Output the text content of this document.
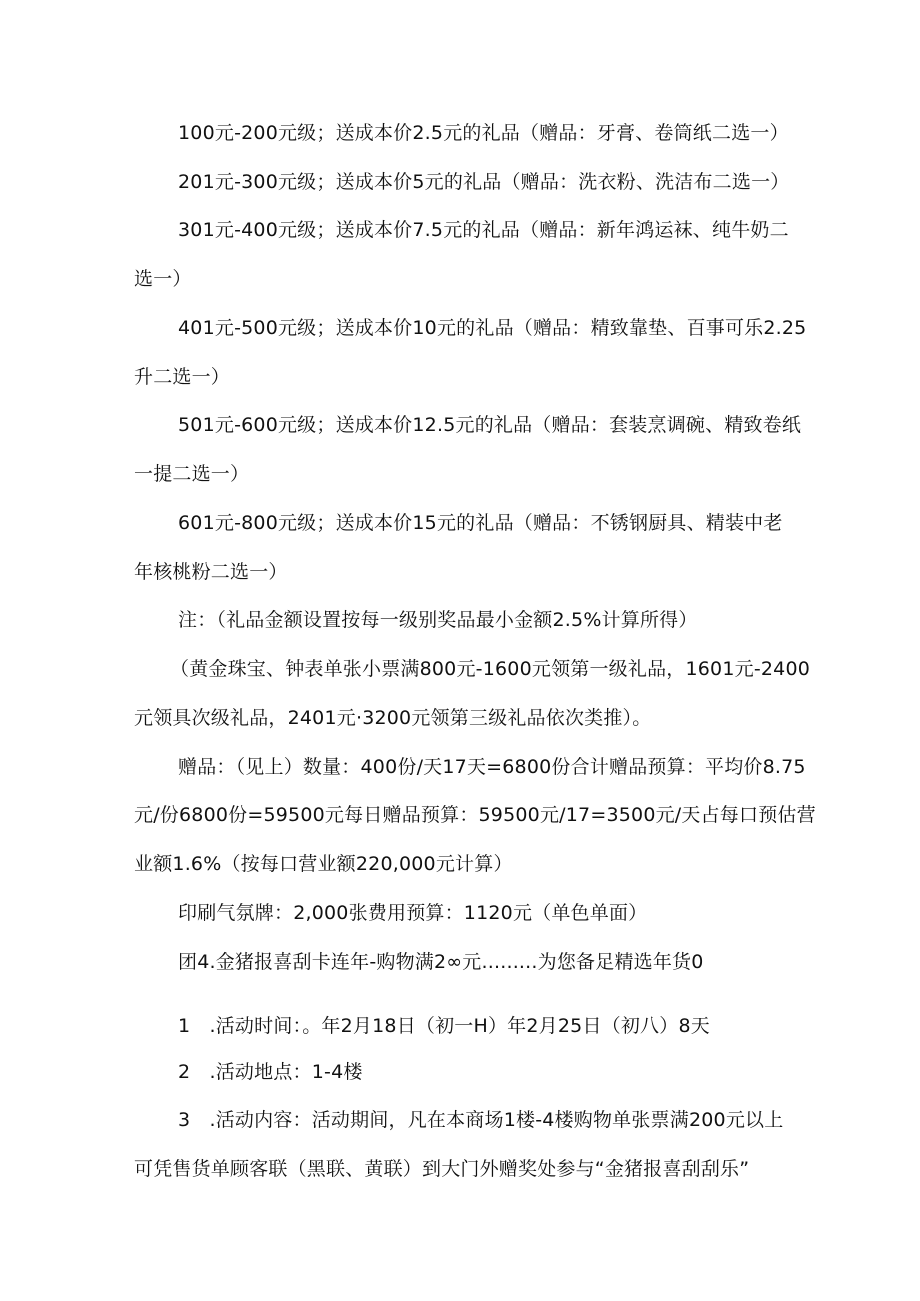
100元-200元级；送成本价2.5元的礼品（赠品：牙膏、卷筒纸二选一）
201元-300元级；送成本价5元的礼品（赠品：洗衣粉、洗洁布二选一）
301元-400元级；送成本价7.5元的礼品（赠品：新年鸿运袜、纯牛奶二
选一）
401元-500元级；送成本价10元的礼品（赠品：精致靠垫、百事可乐2.25
升二选一）
501元-600元级；送成本价12.5元的礼品（赠品：套装烹调碗、精致卷纸
一提二选一）
601元-800元级；送成本价15元的礼品（赠品：不锈钢厨具、精装中老
年核桃粉二选一）
注：（礼品金额设置按每一级别奖品最小金额2.5%计算所得）
（黄金珠宝、钟表单张小票满800元-1600元领第一级礼品，1601元-2400
元领具次级礼品，2401元·3200元领第三级礼品依次类推）。
赠品：（见上）数量：400份/天17天=6800份合计赠品预算：平均价8.75
元/份6800份=59500元每日赠品预算：59500元/17=3500元/天占每口预估营
业额1.6%（按每口营业额220,000元计算）
印刷气氛牌：2,000张费用预算：1120元（单色单面）
团4.金猪报喜刮卡连年-购物满2∞元.........为您备足精选年货0
1　.活动时间：。年2月18日（初一H）年2月25日（初八）8天
2　.活动地点：1-4楼
3　.活动内容：活动期间，凡在本商场1楼-4楼购物单张票满200元以上
可凭售货单顾客联（黑联、黄联）到大门外赠奖处参与“金猪报喜刮刮乐”
